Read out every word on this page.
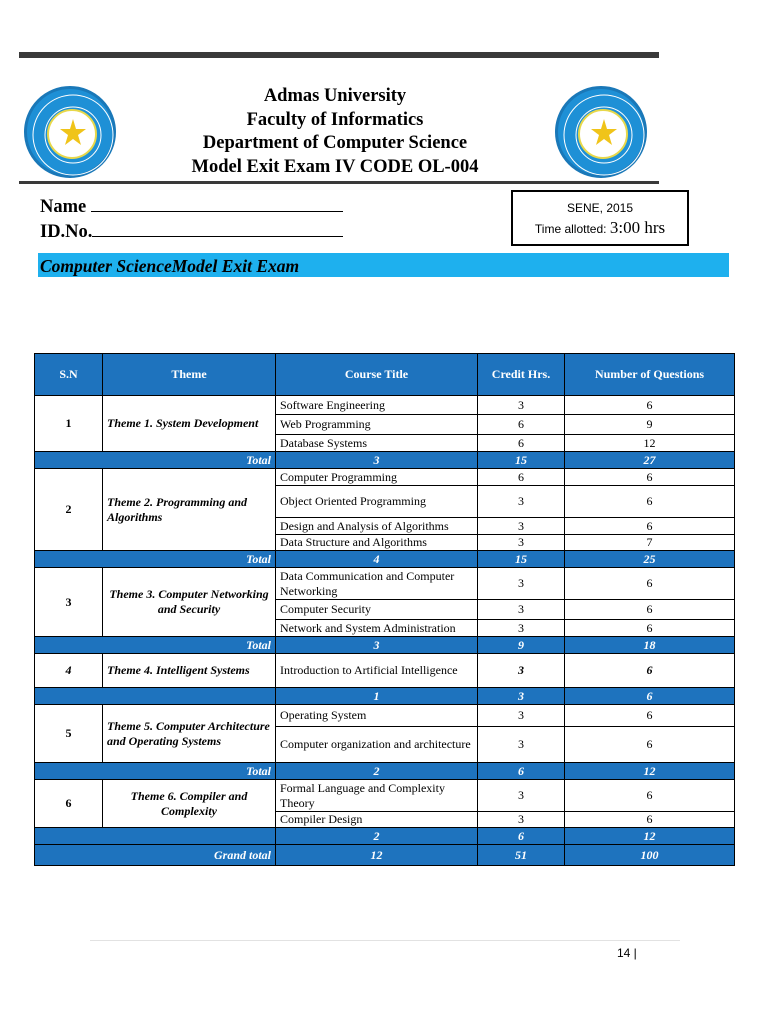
Admas University
Faculty of Informatics
Department of Computer Science
Model Exit Exam IV CODE OL-004
Name
ID.No.
SENE, 2015
Time allotted: 3:00 hrs
Computer ScienceModel Exit Exam
S.N	Theme	Course Title	Credit Hrs.	Number of Questions
1	Theme 1. System Development	Software Engineering	3	6
		Web Programming	6	9
		Database Systems	6	12
Total		3	15	27
2	Theme 2. Programming and Algorithms	Computer Programming	6	6
		Object Oriented Programming	3	6
		Design and Analysis of Algorithms	3	6
		Data Structure and Algorithms	3	7
Total		4	15	25
3	Theme 3. Computer Networking and Security	Data Communication and Computer Networking	3	6
		Computer Security	3	6
		Network and System Administration	3	6
Total		3	9	18
4	Theme 4. Intelligent Systems	Introduction to Artificial Intelligence	3	6
		1	3	6
5	Theme 5. Computer Architecture and Operating Systems	Operating System	3	6
		Computer organization and architecture	3	6
Total		2	6	12
6	Theme 6. Compiler and Complexity	Formal Language and Complexity Theory	3	6
		Compiler Design	3	6
		2	6	12
Grand total		12	51	100
14 |
